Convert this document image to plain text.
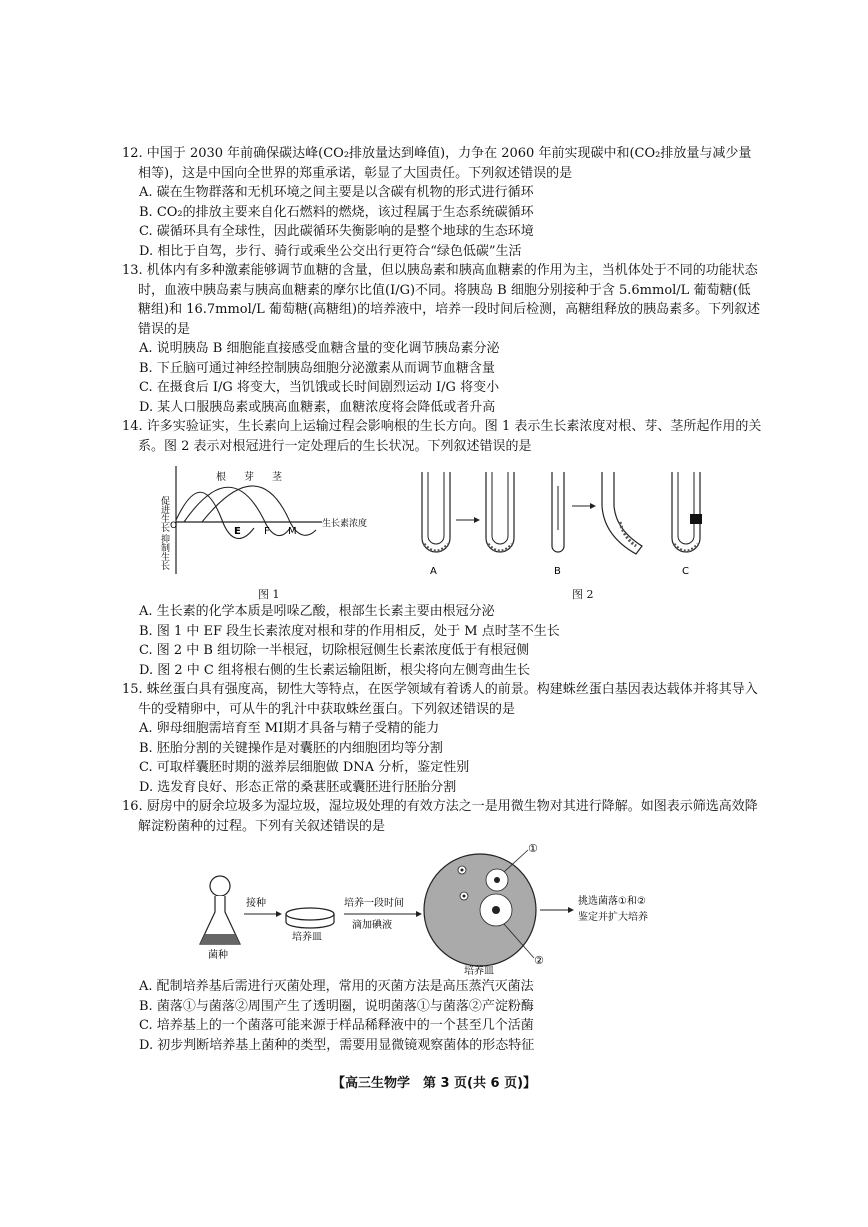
12. 中国于 2030 年前确保碳达峰(CO₂排放量达到峰值)，力争在 2060 年前实现碳中和(CO₂排放量与减少量相等)，这是中国向全世界的郑重承诺，彰显了大国责任。下列叙述错误的是

A. 碳在生物群落和无机环境之间主要是以含碳有机物的形式进行循环

B. CO₂的排放主要来自化石燃料的燃烧，该过程属于生态系统碳循环

C. 碳循环具有全球性，因此碳循环失衡影响的是整个地球的生态环境

D. 相比于自驾，步行、骑行或乘坐公交出行更符合“绿色低碳”生活

13. 机体内有多种激素能够调节血糖的含量，但以胰岛素和胰高血糖素的作用为主，当机体处于不同的功能状态时，血液中胰岛素与胰高血糖素的摩尔比值(I/G)不同。将胰岛 B 细胞分别接种于含 5.6mmol/L 葡萄糖(低糖组)和 16.7mmol/L 葡萄糖(高糖组)的培养液中，培养一段时间后检测，高糖组释放的胰岛素多。下列叙述错误的是

A. 说明胰岛 B 细胞能直接感受血糖含量的变化调节胰岛素分泌

B. 下丘脑可通过神经控制胰岛细胞分泌激素从而调节血糖含量

C. 在摄食后 I/G 将变大，当饥饿或长时间剧烈运动 I/G 将变小

D. 某人口服胰岛素或胰高血糖素，血糖浓度将会降低或者升高

14. 许多实验证实，生长素向上运输过程会影响根的生长方向。图 1 表示生长素浓度对根、芽、茎所起作用的关系。图 2 表示对根冠进行一定处理后的生长状况。下列叙述错误的是

促进生长
抑制生长
O
根 芽 茎
E F M
生长素浓度
图 1
A	B	C
图 2

A. 生长素的化学本质是吲哚乙酸，根部生长素主要由根冠分泌

B. 图 1 中 EF 段生长素浓度对根和芽的作用相反，处于 M 点时茎不生长

C. 图 2 中 B 组切除一半根冠，切除根冠侧生长素浓度低于有根冠侧

D. 图 2 中 C 组将根右侧的生长素运输阻断，根尖将向左侧弯曲生长

15. 蛛丝蛋白具有强度高，韧性大等特点，在医学领域有着诱人的前景。构建蛛丝蛋白基因表达载体并将其导入牛的受精卵中，可从牛的乳汁中获取蛛丝蛋白。下列叙述错误的是

A. 卵母细胞需培育至 MⅠ期才具备与精子受精的能力

B. 胚胎分割的关键操作是对囊胚的内细胞团均等分割

C. 可取样囊胚时期的滋养层细胞做 DNA 分析，鉴定性别

D. 选发育良好、形态正常的桑葚胚或囊胚进行胚胎分割

16. 厨房中的厨余垃圾多为湿垃圾，湿垃圾处理的有效方法之一是用微生物对其进行降解。如图表示筛选高效降解淀粉菌种的过程。下列有关叙述错误的是

菌种
接种
培养皿
培养一段时间
滴加碘液
①
②
培养皿
挑选菌落①和②
鉴定并扩大培养

A. 配制培养基后需进行灭菌处理，常用的灭菌方法是高压蒸汽灭菌法

B. 菌落①与菌落②周围产生了透明圈，说明菌落①与菌落②产淀粉酶

C. 培养基上的一个菌落可能来源于样品稀释液中的一个甚至几个活菌

D. 初步判断培养基上菌种的类型，需要用显微镜观察菌体的形态特征

【高三生物学　第 3 页(共 6 页)】
